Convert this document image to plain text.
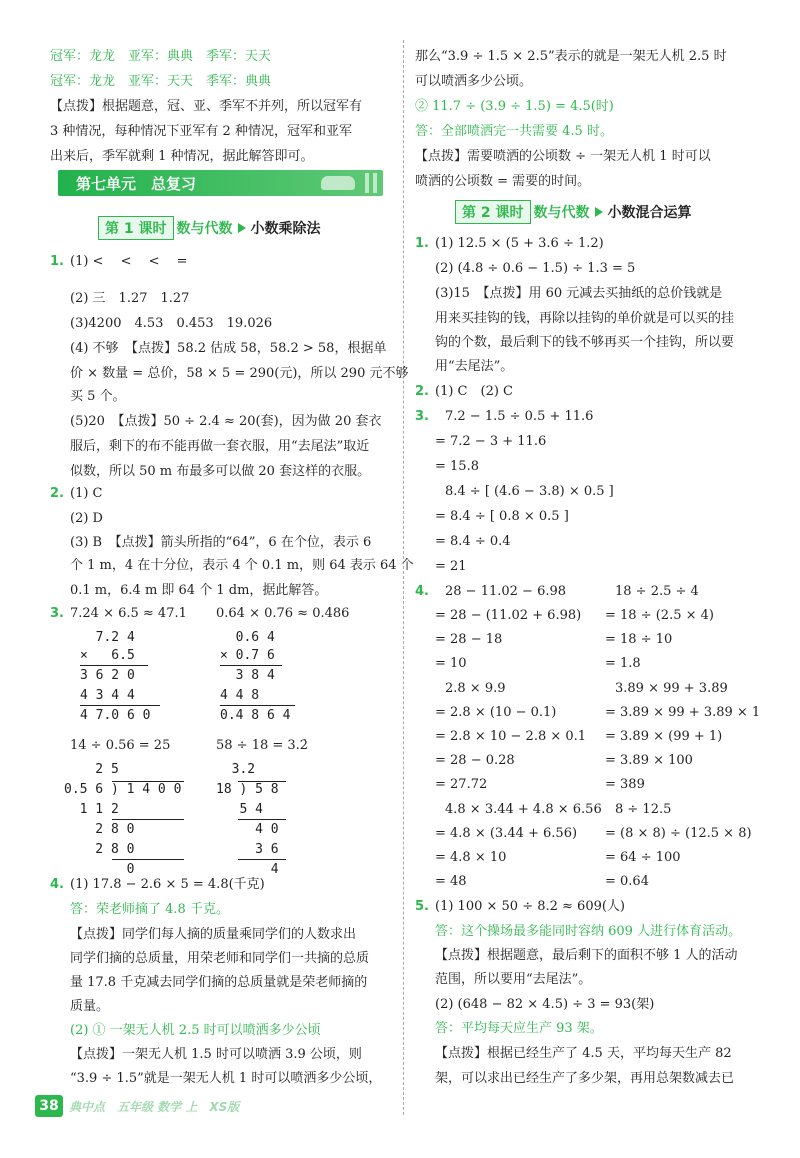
冠军：龙龙　亚军：典典　季军：天天
冠军：龙龙　亚军：天天　季军：典典
【点拨】根据题意，冠、亚、季军不并列，所以冠军有
3 种情况，每种情况下亚军有 2 种情况，冠军和亚军
出来后，季军就剩 1 种情况，据此解答即可。
第七单元　总复习
第 1 课时 数与代数 小数乘除法
1. (1) <　 <　 <　 =
(2) 三　1.27　1.27
(3)4200　4.53　0.453　19.026
(4) 不够　【点拨】58.2 估成 58，58.2 > 58，根据单
价 × 数量 = 总价，58 × 5 = 290(元)，所以 290 元不够
买 5 个。
(5)20　【点拨】50 ÷ 2.4 ≈ 20(套)，因为做 20 套衣
服后，剩下的布不能再做一套衣服，用“去尾法”取近
似数，所以 50 m 布最多可以做 20 套这样的衣服。
2. (1) C
(2) D
(3) B　【点拨】箭头所指的“64”，6 在个位，表示 6
个 1 m，4 在十分位，表示 4 个 0.1 m，则 64 表示 64 个
0.1 m，6.4 m 即 64 个 1 dm，据此解答。
3. 7.24 × 6.5 ≈ 47.1 0.64 × 0.76 ≈ 0.486
7.2 4
×   6.5
3 6 2 0
4 3 4 4
4 7.0 6 0
0.6 4
× 0.7 6
3 8 4
4 4 8
0.4 8 6 4
14 ÷ 0.56 = 25	58 ÷ 18 = 3.2̇
2 5
0.5 6 ) 1 4 0 0
1 1 2
2 8 0
2 8 0
0
3.2
18 ) 5 8
5 4
4 0
3 6
4
4. (1) 17.8 − 2.6 × 5 = 4.8(千克)
答：荣老师摘了 4.8 千克。
【点拨】同学们每人摘的质量乘同学们的人数求出
同学们摘的总质量，用荣老师和同学们一共摘的总质
量 17.8 千克减去同学们摘的总质量就是荣老师摘的
质量。
(2) ① 一架无人机 2.5 时可以喷洒多少公顷
【点拨】一架无人机 1.5 时可以喷洒 3.9 公顷，则
“3.9 ÷ 1.5”就是一架无人机 1 时可以喷洒多少公顷，
那么“3.9 ÷ 1.5 × 2.5”表示的就是一架无人机 2.5 时
可以喷洒多少公顷。
② 11.7 ÷ (3.9 ÷ 1.5) = 4.5(时)
答：全部喷洒完一共需要 4.5 时。
【点拨】需要喷洒的公顷数 ÷ 一架无人机 1 时可以
喷洒的公顷数 = 需要的时间。
第 2 课时 数与代数 小数混合运算
1. (1) 12.5 × (5 + 3.6 ÷ 1.2)
(2) (4.8 ÷ 0.6 − 1.5) ÷ 1.3 = 5
(3)15　【点拨】用 60 元减去买抽纸的总价钱就是
用来买挂钩的钱，再除以挂钩的单价就是可以买的挂
钩的个数，最后剩下的钱不够再买一个挂钩，所以要
用“去尾法”。
2. (1) C　(2) C
3. 7.2 − 1.5 ÷ 0.5 + 11.6
= 7.2 − 3 + 11.6
= 15.8
8.4 ÷ [ (4.6 − 3.8) × 0.5 ]
= 8.4 ÷ [ 0.8 × 0.5 ]
= 8.4 ÷ 0.4
= 21
4. 28 − 11.02 − 6.98
= 28 − (11.02 + 6.98)
= 28 − 18
= 10
2.8 × 9.9
= 2.8 × (10 − 0.1)
= 2.8 × 10 − 2.8 × 0.1
= 28 − 0.28
= 27.72
4.8 × 3.44 + 4.8 × 6.56
= 4.8 × (3.44 + 6.56)
= 4.8 × 10
= 48
18 ÷ 2.5 ÷ 4
= 18 ÷ (2.5 × 4)
= 18 ÷ 10
= 1.8
3.89 × 99 + 3.89
= 3.89 × 99 + 3.89 × 1
= 3.89 × (99 + 1)
= 3.89 × 100
= 389
8 ÷ 12.5
= (8 × 8) ÷ (12.5 × 8)
= 64 ÷ 100
= 0.64
5. (1) 100 × 50 ÷ 8.2 ≈ 609(人)
答：这个操场最多能同时容纳 609 人进行体育活动。
【点拨】根据题意，最后剩下的面积不够 1 人的活动
范围，所以要用“去尾法”。
(2) (648 − 82 × 4.5) ÷ 3 = 93(架)
答：平均每天应生产 93 架。
【点拨】根据已经生产了 4.5 天，平均每天生产 82
架，可以求出已经生产了多少架，再用总架数减去已
38 典中点　五年级 数学 上　XS版
